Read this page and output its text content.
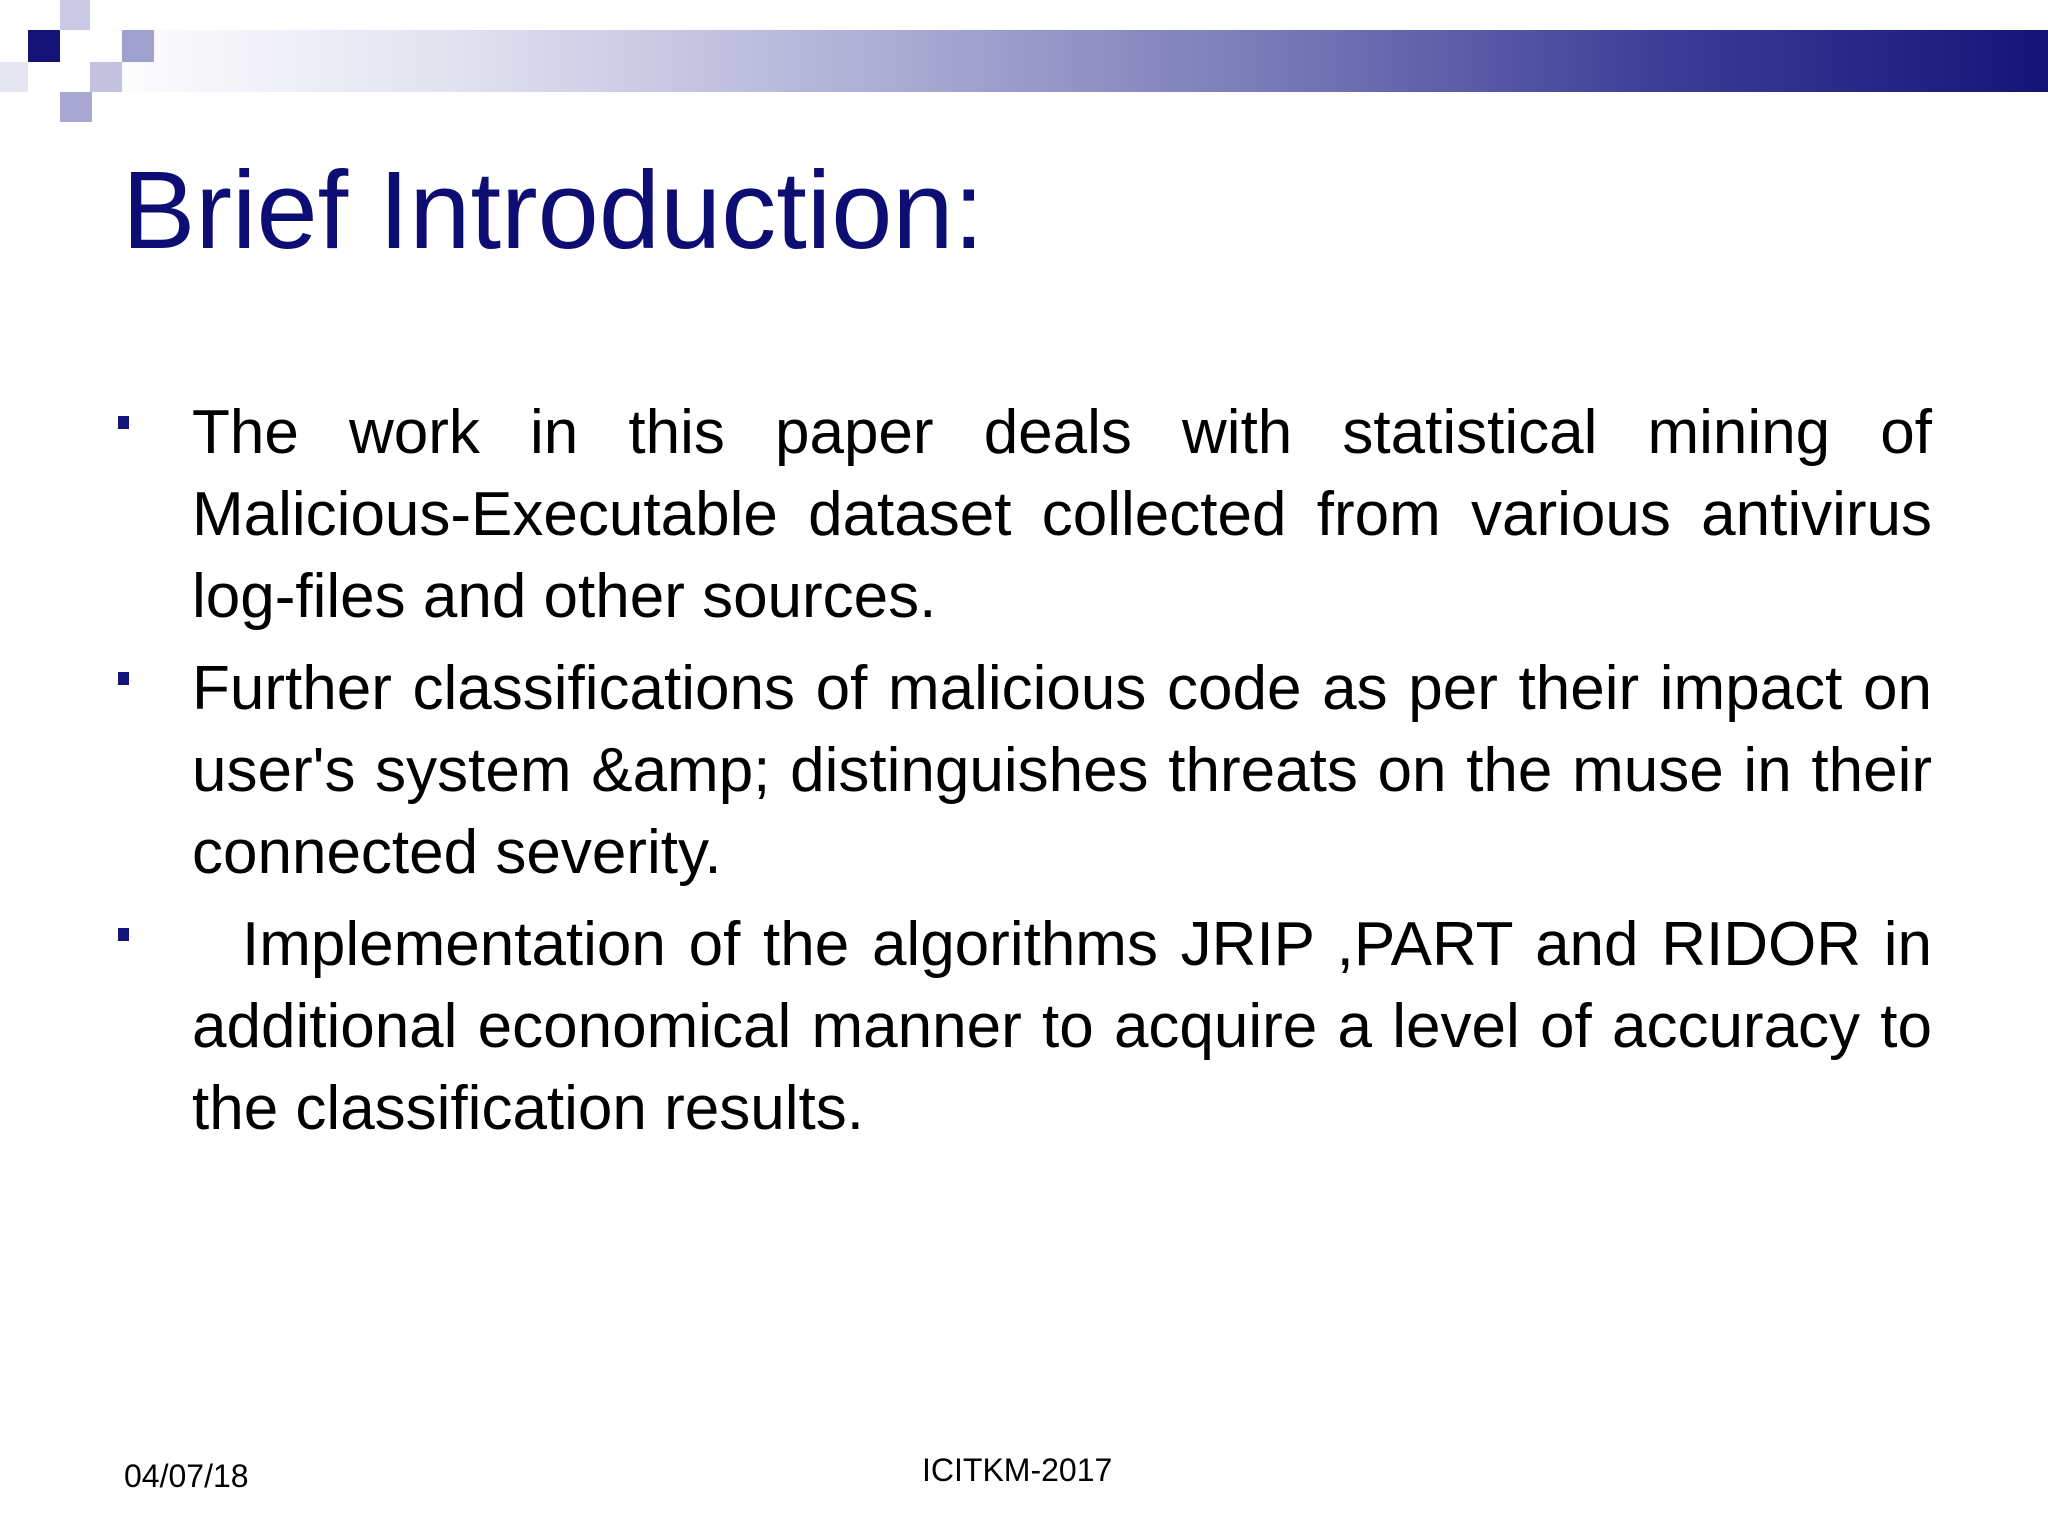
Brief Introduction:
The work in this paper deals with statistical mining of Malicious-Executable dataset collected from various antivirus log-files and other sources.
Further classifications of malicious code as per their impact on user's system &amp; distinguishes threats on the muse in their connected severity.
Implementation of the algorithms JRIP ,PART and RIDOR in additional economical manner to acquire a level of accuracy to the classification results.
04/07/18	ICITKM-2017
